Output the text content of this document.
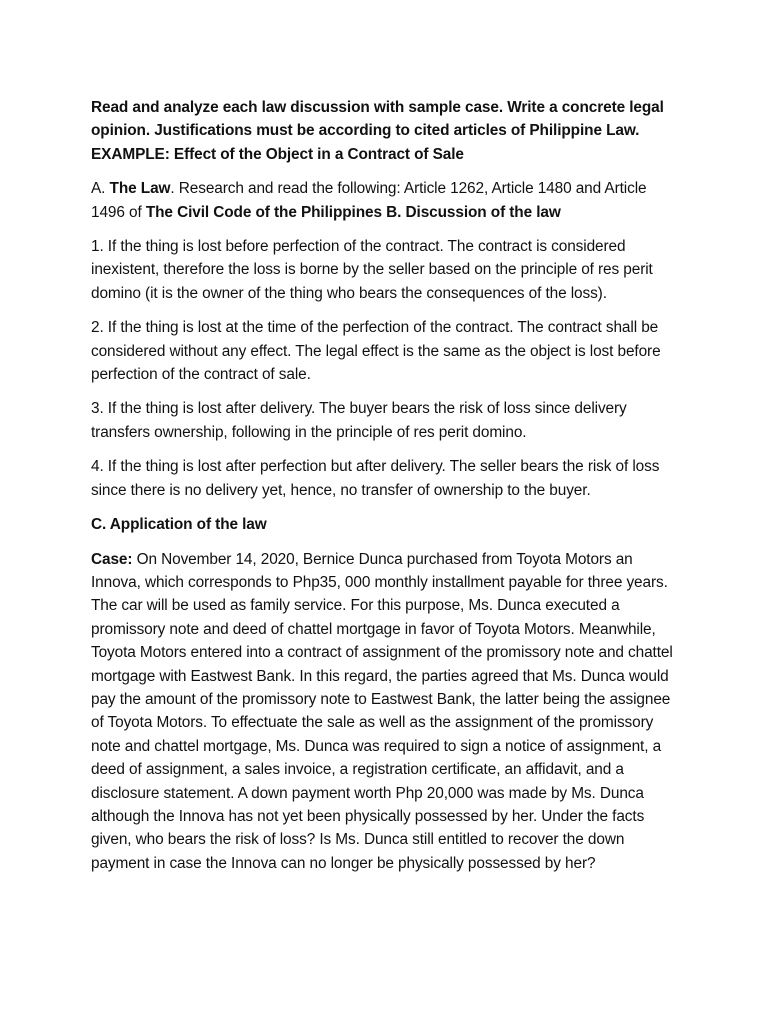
Read and analyze each law discussion with sample case. Write a concrete legal opinion. Justifications must be according to cited articles of Philippine Law.
EXAMPLE: Effect of the Object in a Contract of Sale

A. The Law. Research and read the following: Article 1262, Article 1480 and Article 1496 of The Civil Code of the Philippines B. Discussion of the law

1. If the thing is lost before perfection of the contract. The contract is considered inexistent, therefore the loss is borne by the seller based on the principle of res perit domino (it is the owner of the thing who bears the consequences of the loss).

2. If the thing is lost at the time of the perfection of the contract. The contract shall be considered without any effect. The legal effect is the same as the object is lost before perfection of the contract of sale.

3. If the thing is lost after delivery. The buyer bears the risk of loss since delivery transfers ownership, following in the principle of res perit domino.

4. If the thing is lost after perfection but after delivery. The seller bears the risk of loss since there is no delivery yet, hence, no transfer of ownership to the buyer.

C. Application of the law

Case: On November 14, 2020, Bernice Dunca purchased from Toyota Motors an Innova, which corresponds to Php35, 000 monthly installment payable for three years. The car will be used as family service. For this purpose, Ms. Dunca executed a promissory note and deed of chattel mortgage in favor of Toyota Motors. Meanwhile, Toyota Motors entered into a contract of assignment of the promissory note and chattel mortgage with Eastwest Bank. In this regard, the parties agreed that Ms. Dunca would pay the amount of the promissory note to Eastwest Bank, the latter being the assignee of Toyota Motors. To effectuate the sale as well as the assignment of the promissory note and chattel mortgage, Ms. Dunca was required to sign a notice of assignment, a deed of assignment, a sales invoice, a registration certificate, an affidavit, and a disclosure statement. A down payment worth Php 20,000 was made by Ms. Dunca although the Innova has not yet been physically possessed by her. Under the facts given, who bears the risk of loss? Is Ms. Dunca still entitled to recover the down payment in case the Innova can no longer be physically possessed by her?
